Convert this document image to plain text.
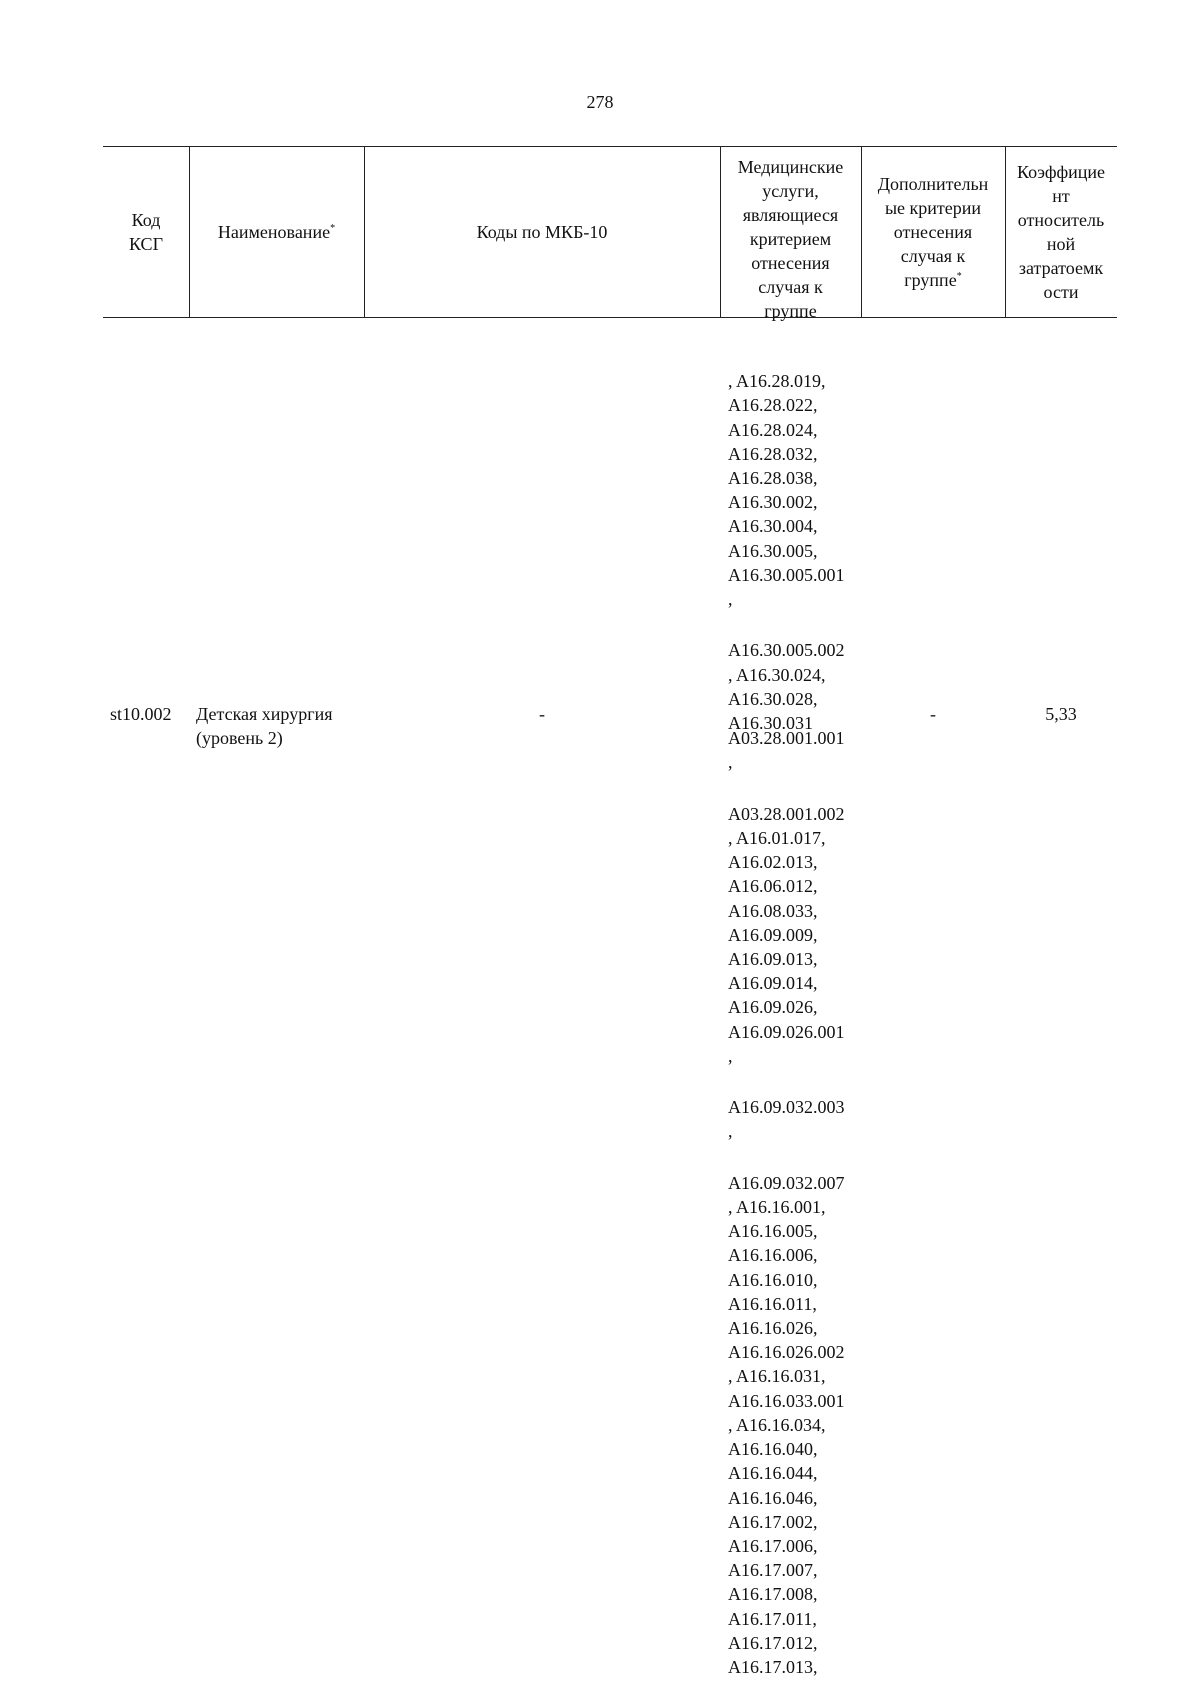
278
Код
КСГ
Наименование*	Коды по МКБ-10
Медицинские
услуги,
являющиеся
критерием
отнесения
случая к
группе
Дополнительн
ые критерии
отнесения
случая к
группе*
Коэффицие
нт
относитель
ной
затратоемк
ости

, A16.28.019,
A16.28.022,
A16.28.024,
A16.28.032,
A16.28.038,
A16.30.002,
A16.30.004,
A16.30.005,
A16.30.005.001
,

A16.30.005.002
, A16.30.024,
A16.30.028,
A16.30.031

st10.002 Детская хирургия
(уровень 2)
-

A03.28.001.001
,

A03.28.001.002
, A16.01.017,
A16.02.013,
A16.06.012,
A16.08.033,
A16.09.009,
A16.09.013,
A16.09.014,
A16.09.026,
A16.09.026.001
,

A16.09.032.003
,

A16.09.032.007
, A16.16.001,
A16.16.005,
A16.16.006,
A16.16.010,
A16.16.011,
A16.16.026,
A16.16.026.002
, A16.16.031,
A16.16.033.001
, A16.16.034,
A16.16.040,
A16.16.044,
A16.16.046,
A16.17.002,
A16.17.006,
A16.17.007,
A16.17.008,
A16.17.011,
A16.17.012,
A16.17.013,

-	5,33
